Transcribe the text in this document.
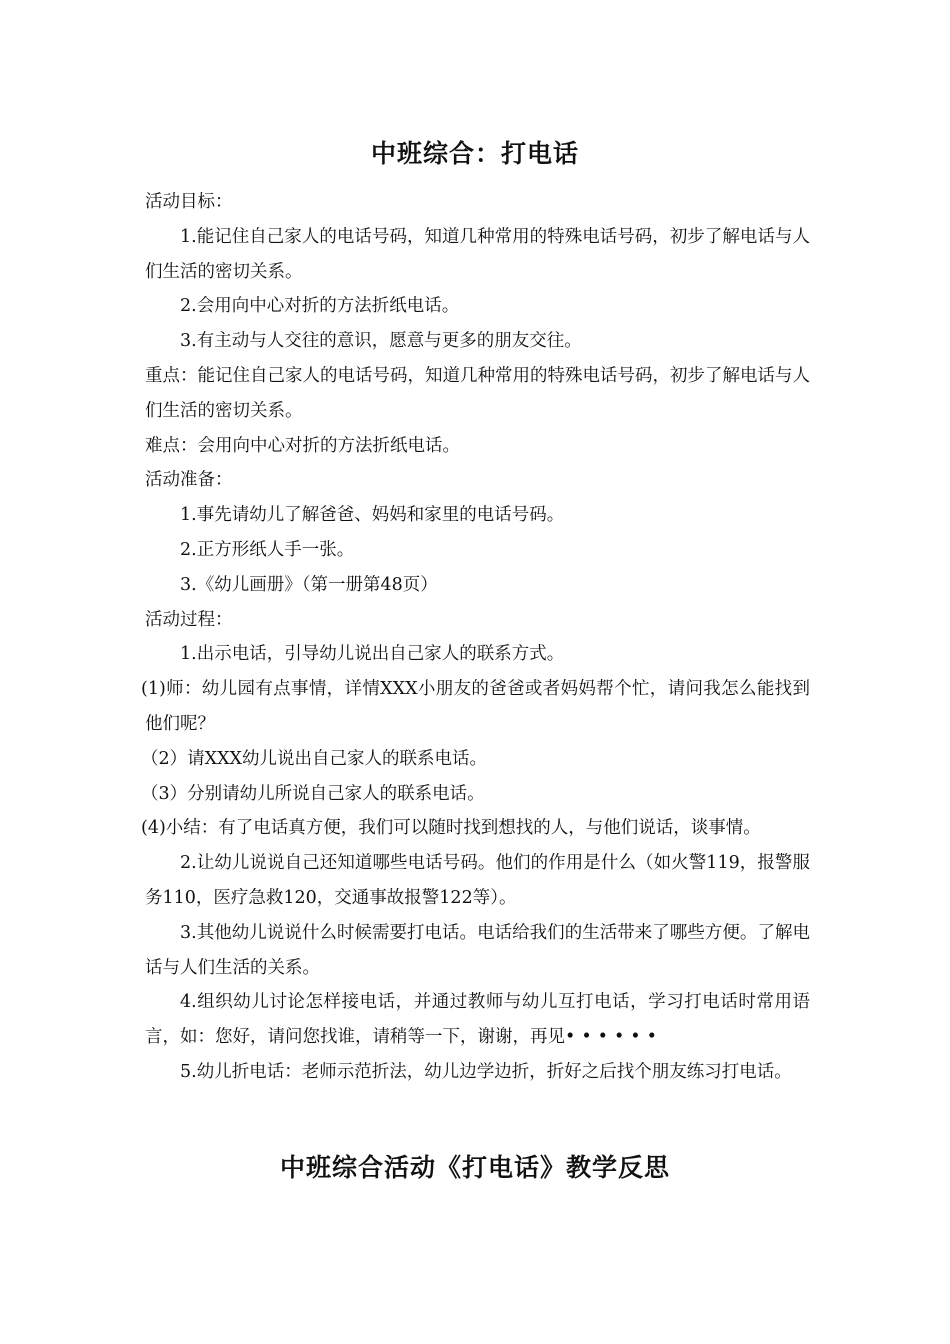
中班综合：打电话

活动目标：

1.能记住自己家人的电话号码，知道几种常用的特殊电话号码，初步了解电话与人们生活的密切关系。

2.会用向中心对折的方法折纸电话。

3.有主动与人交往的意识，愿意与更多的朋友交往。

重点：能记住自己家人的电话号码，知道几种常用的特殊电话号码，初步了解电话与人们生活的密切关系。

难点：会用向中心对折的方法折纸电话。

活动准备：

1.事先请幼儿了解爸爸、妈妈和家里的电话号码。

2.正方形纸人手一张。

3.《幼儿画册》（第一册第48页）

活动过程：

1.出示电话，引导幼儿说出自己家人的联系方式。

(1)师：幼儿园有点事情，详情XXX小朋友的爸爸或者妈妈帮个忙，请问我怎么能找到他们呢？

（2）请XXX幼儿说出自己家人的联系电话。

（3）分别请幼儿所说自己家人的联系电话。

(4)小结：有了电话真方便，我们可以随时找到想找的人，与他们说话，谈事情。

2.让幼儿说说自己还知道哪些电话号码。他们的作用是什么（如火警119，报警服务110，医疗急救120，交通事故报警122等）。

3.其他幼儿说说什么时候需要打电话。电话给我们的生活带来了哪些方便。了解电话与人们生活的关系。

4.组织幼儿讨论怎样接电话，并通过教师与幼儿互打电话，学习打电话时常用语言，如：您好，请问您找谁，请稍等一下，谢谢，再见••••••

5.幼儿折电话：老师示范折法，幼儿边学边折，折好之后找个朋友练习打电话。

中班综合活动《打电话》教学反思
